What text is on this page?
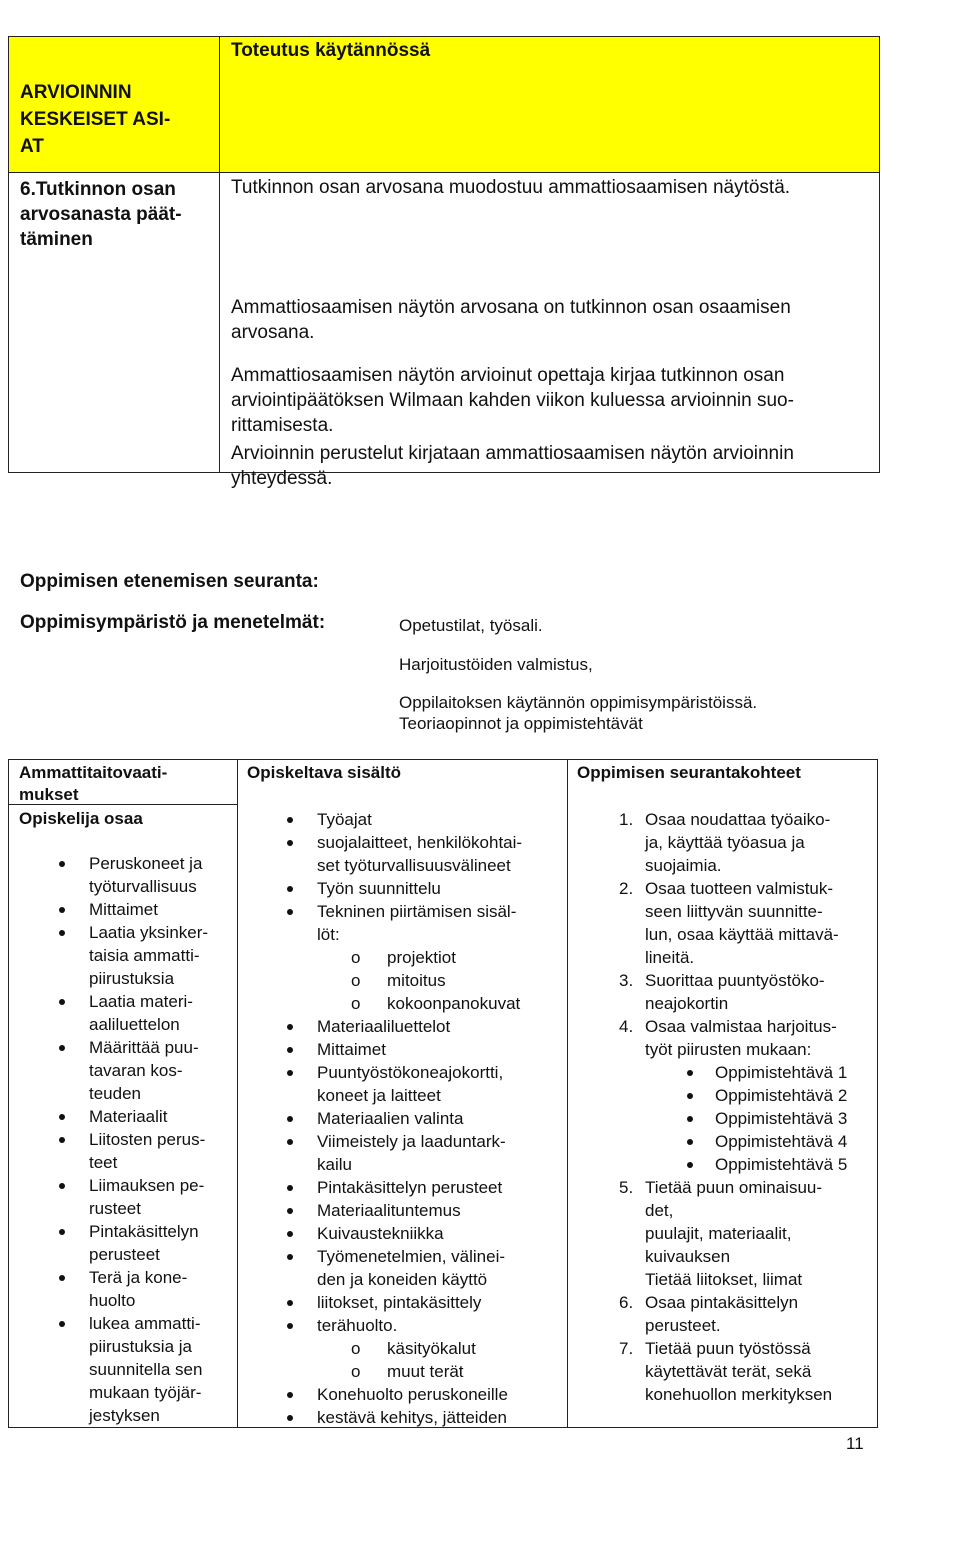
ARVIOINNIN
KESKEISET ASI-
AT
Toteutus käytännössä
6.Tutkinnon osan
arvosanasta päät-
täminen
Tutkinnon osan arvosana muodostuu ammattiosaamisen näytöstä.
Ammattiosaamisen näytön arvosana on tutkinnon osan osaamisen
arvosana.
Ammattiosaamisen näytön arvioinut opettaja kirjaa tutkinnon osan
arviointipäätöksen Wilmaan kahden viikon kuluessa arvioinnin suo-
rittamisesta.
Arvioinnin perustelut kirjataan ammattiosaamisen näytön arvioinnin
yhteydessä.
Oppimisen etenemisen seuranta:
Oppimisympäristö ja menetelmät:	Opetustilat, työsali.
Harjoitustöiden valmistus,
Oppilaitoksen käytännön oppimisympäristöissä.
Teoriaopinnot ja oppimistehtävät
Ammattitaitovaati-
mukset
Opiskelija osaa
Opiskeltava sisältö	Oppimisen seurantakohteet
Peruskoneet ja
työturvallisuus
Mittaimet
Laatia yksinker-
taisia ammatti-
piirustuksia
Laatia materi-
aaliluettelon
Määrittää puu-
tavaran kos-
teuden
Materiaalit
Liitosten perus-
teet
Liimauksen pe-
rusteet
Pintakäsittelyn
perusteet
Terä ja kone-
huolto
lukea ammatti-
piirustuksia ja
suunnitella sen
mukaan työjär-
jestyksen
Työajat
suojalaitteet, henkilökohtai-
set työturvallisuusvälineet
Työn suunnittelu
Tekninen piirtämisen sisäl-
löt:
o projektiot
o mitoitus
o kokoonpanokuvat
Materiaaliluettelot
Mittaimet
Puuntyöstökoneajokortti,
koneet ja laitteet
Materiaalien valinta
Viimeistely ja laaduntark-
kailu
Pintakäsittelyn perusteet
Materiaalituntemus
Kuivaustekniikka
Työmenetelmien, välinei-
den ja koneiden käyttö
liitokset, pintakäsittely
terähuolto.
o käsityökalut
o muut terät
Konehuolto peruskoneille
kestävä kehitys, jätteiden
1. Osaa noudattaa työaiko-
ja, käyttää työasua ja
suojaimia.
2. Osaa tuotteen valmistuk-
seen liittyvän suunnitte-
lun, osaa käyttää mittavä-
lineitä.
3. Suorittaa puuntyöstöko-
neajokortin
4. Osaa valmistaa harjoitus-
työt piirusten mukaan:
Oppimistehtävä 1
Oppimistehtävä 2
Oppimistehtävä 3
Oppimistehtävä 4
Oppimistehtävä 5
5. Tietää puun ominaisuu-
det,
puulajit, materiaalit,
kuivauksen
Tietää liitokset, liimat
6. Osaa pintakäsittelyn
perusteet.
7. Tietää puun työstössä
käytettävät terät, sekä
konehuollon merkityksen
11
